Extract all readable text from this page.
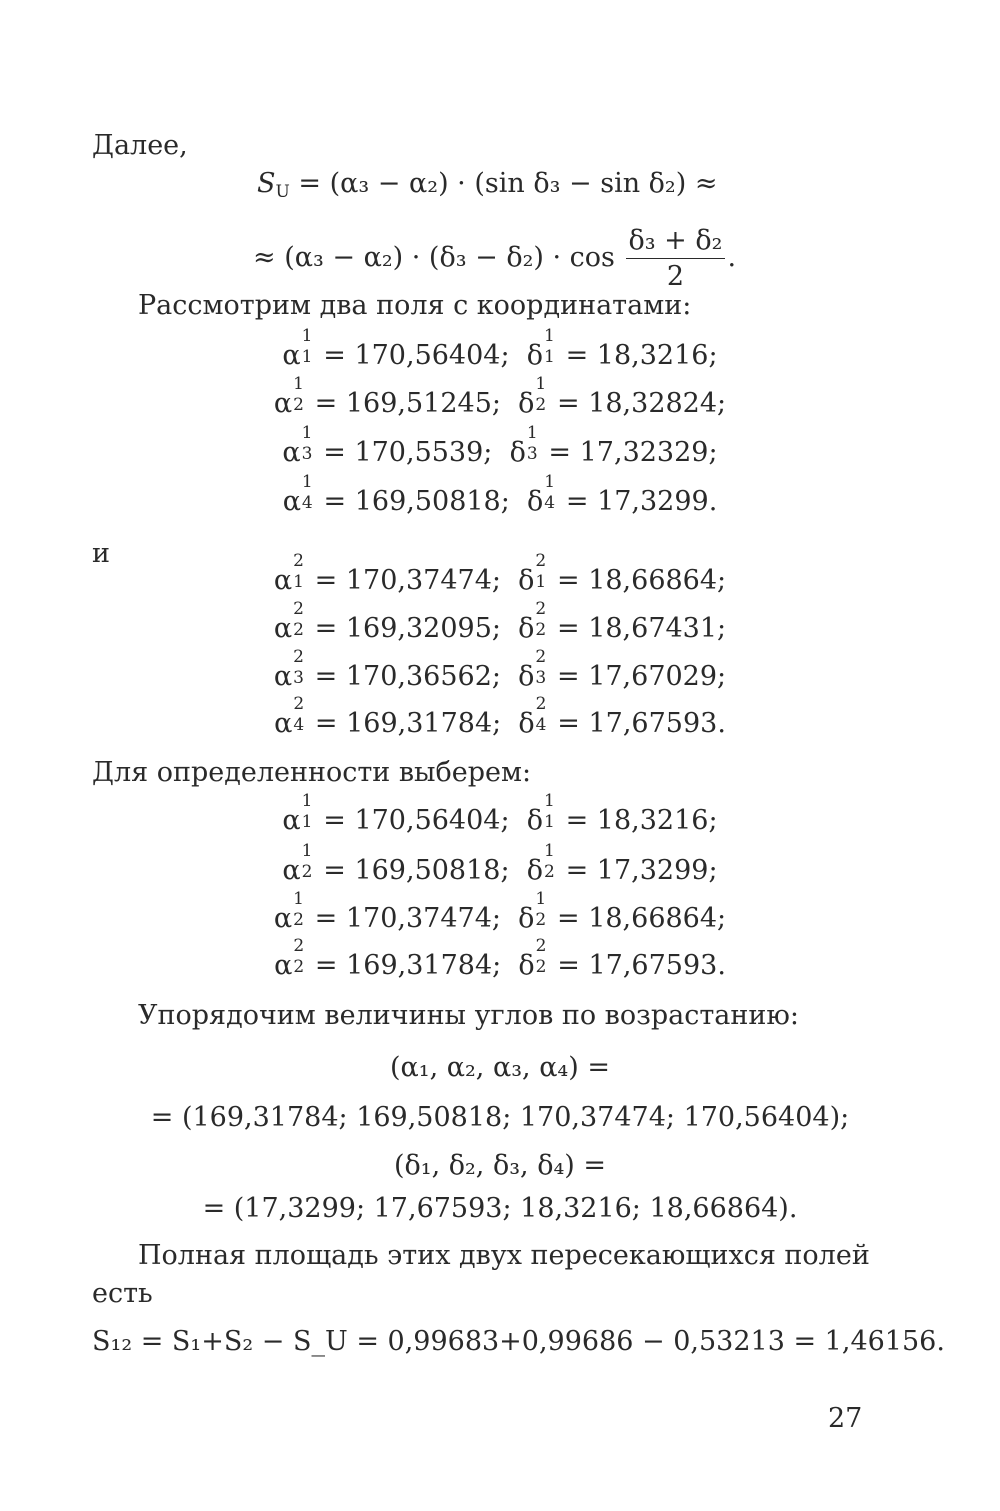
Далее,
$S_U = (\alpha_3 - \alpha_2) \cdot (\sin$ δ₃ − sin δ₂) ≈
≈ $(\alpha_3 - \alpha_2) \cdot (\delta_3 - \delta_2) \cdot \cos \frac{\text{δ₃ + δ₂}}{2}$ .
Рассмотрим два поля с координатами:
α
1
1 = 170,56404;  δ
1
1 = 18,3216;
α
1
2 = 169,51245;  δ
1
2 = 18,32824;
α
1
3 = 170,5539;  δ
1
3 = 17,32329;
α
1
4 = 169,50818;  δ
1
4 = 17,3299.
и
α
2
1 = 170,37474;  δ
2
1 = 18,66864;
α
2
2 = 169,32095;  δ
2
2 = 18,67431;
α
2
3 = 170,36562;  δ
2
3 = 17,67029;
α
2
4 = 169,31784;  δ
2
4 = 17,67593.
Для определенности выберем:
α
1
1 = 170,56404;  δ
1
1 = 18,3216;
α
1
2 = 169,50818;  δ
1
2 = 17,3299;
α
1
2 = 170,37474;  δ
1
2 = 18,66864;
α
2
2 = 169,31784;  δ
2
2 = 17,67593.
Упорядочим величины углов по возрастанию:
(α₁, α₂, α₃, α₄) =
= (169,31784; 169,50818; 170,37474; 170,56404);
(δ₁, δ₂, δ₃, δ₄) =
= (17,3299; 17,67593; 18,3216; 18,66864).
Полная площадь этих двух пересекающихся полей
есть
S₁₂ = S₁+S₂ − S_U = 0,99683+0,99686 − 0,53213 = 1,46156.
27
